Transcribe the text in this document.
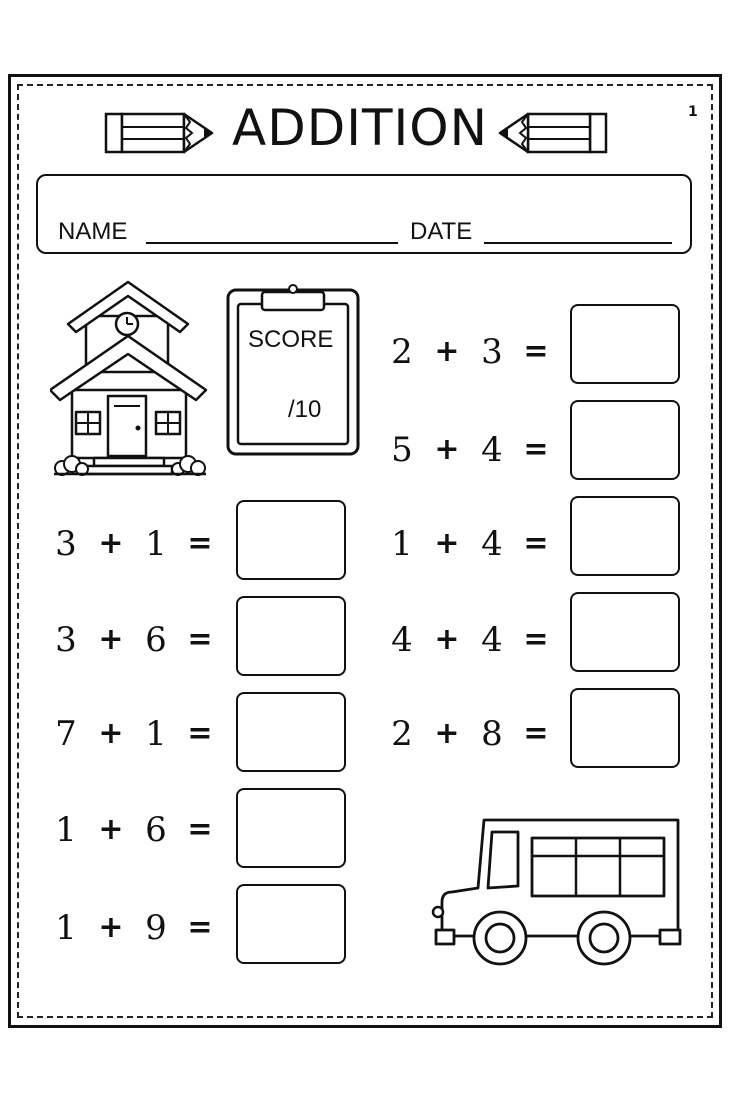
ADDITION	1
NAME	DATE
SCORE
/10
2 + 3 =
5 + 4 =
1 + 4 =
4 + 4 =
2 + 8 =
3 + 1 =
3 + 6 =
7 + 1 =
1 + 6 =
1 + 9 =
